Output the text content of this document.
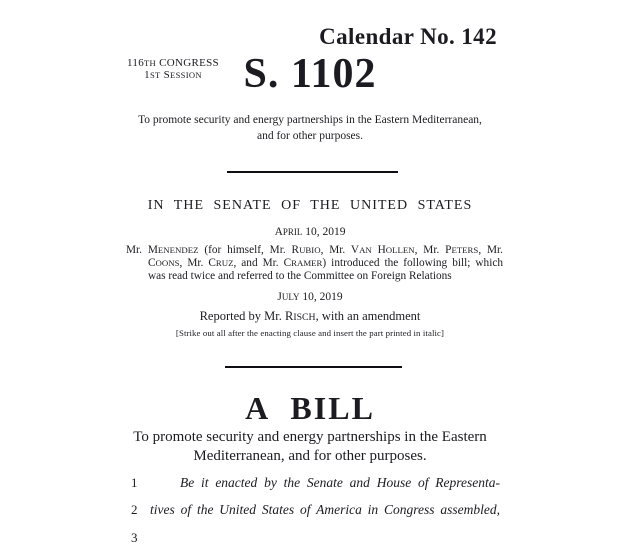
Calendar No. 142
116TH CONGRESS
1ST SESSION S. 1102
To promote security and energy partnerships in the Eastern Mediterranean,
and for other purposes.
IN THE SENATE OF THE UNITED STATES
APRIL 10, 2019
Mr. MENENDEZ (for himself, Mr. RUBIO, Mr. VAN HOLLEN, Mr. PETERS, Mr.
COONS, Mr. CRUZ, and Mr. CRAMER) introduced the following bill; which
was read twice and referred to the Committee on Foreign Relations
JULY 10, 2019
Reported by Mr. RISCH, with an amendment
[Strike out all after the enacting clause and insert the part printed in italic]
A BILL
To promote security and energy partnerships in the Eastern
Mediterranean, and for other purposes.
1	Be it enacted by the Senate and House of Representa-
2 tives of the United States of America in Congress assembled,
3
